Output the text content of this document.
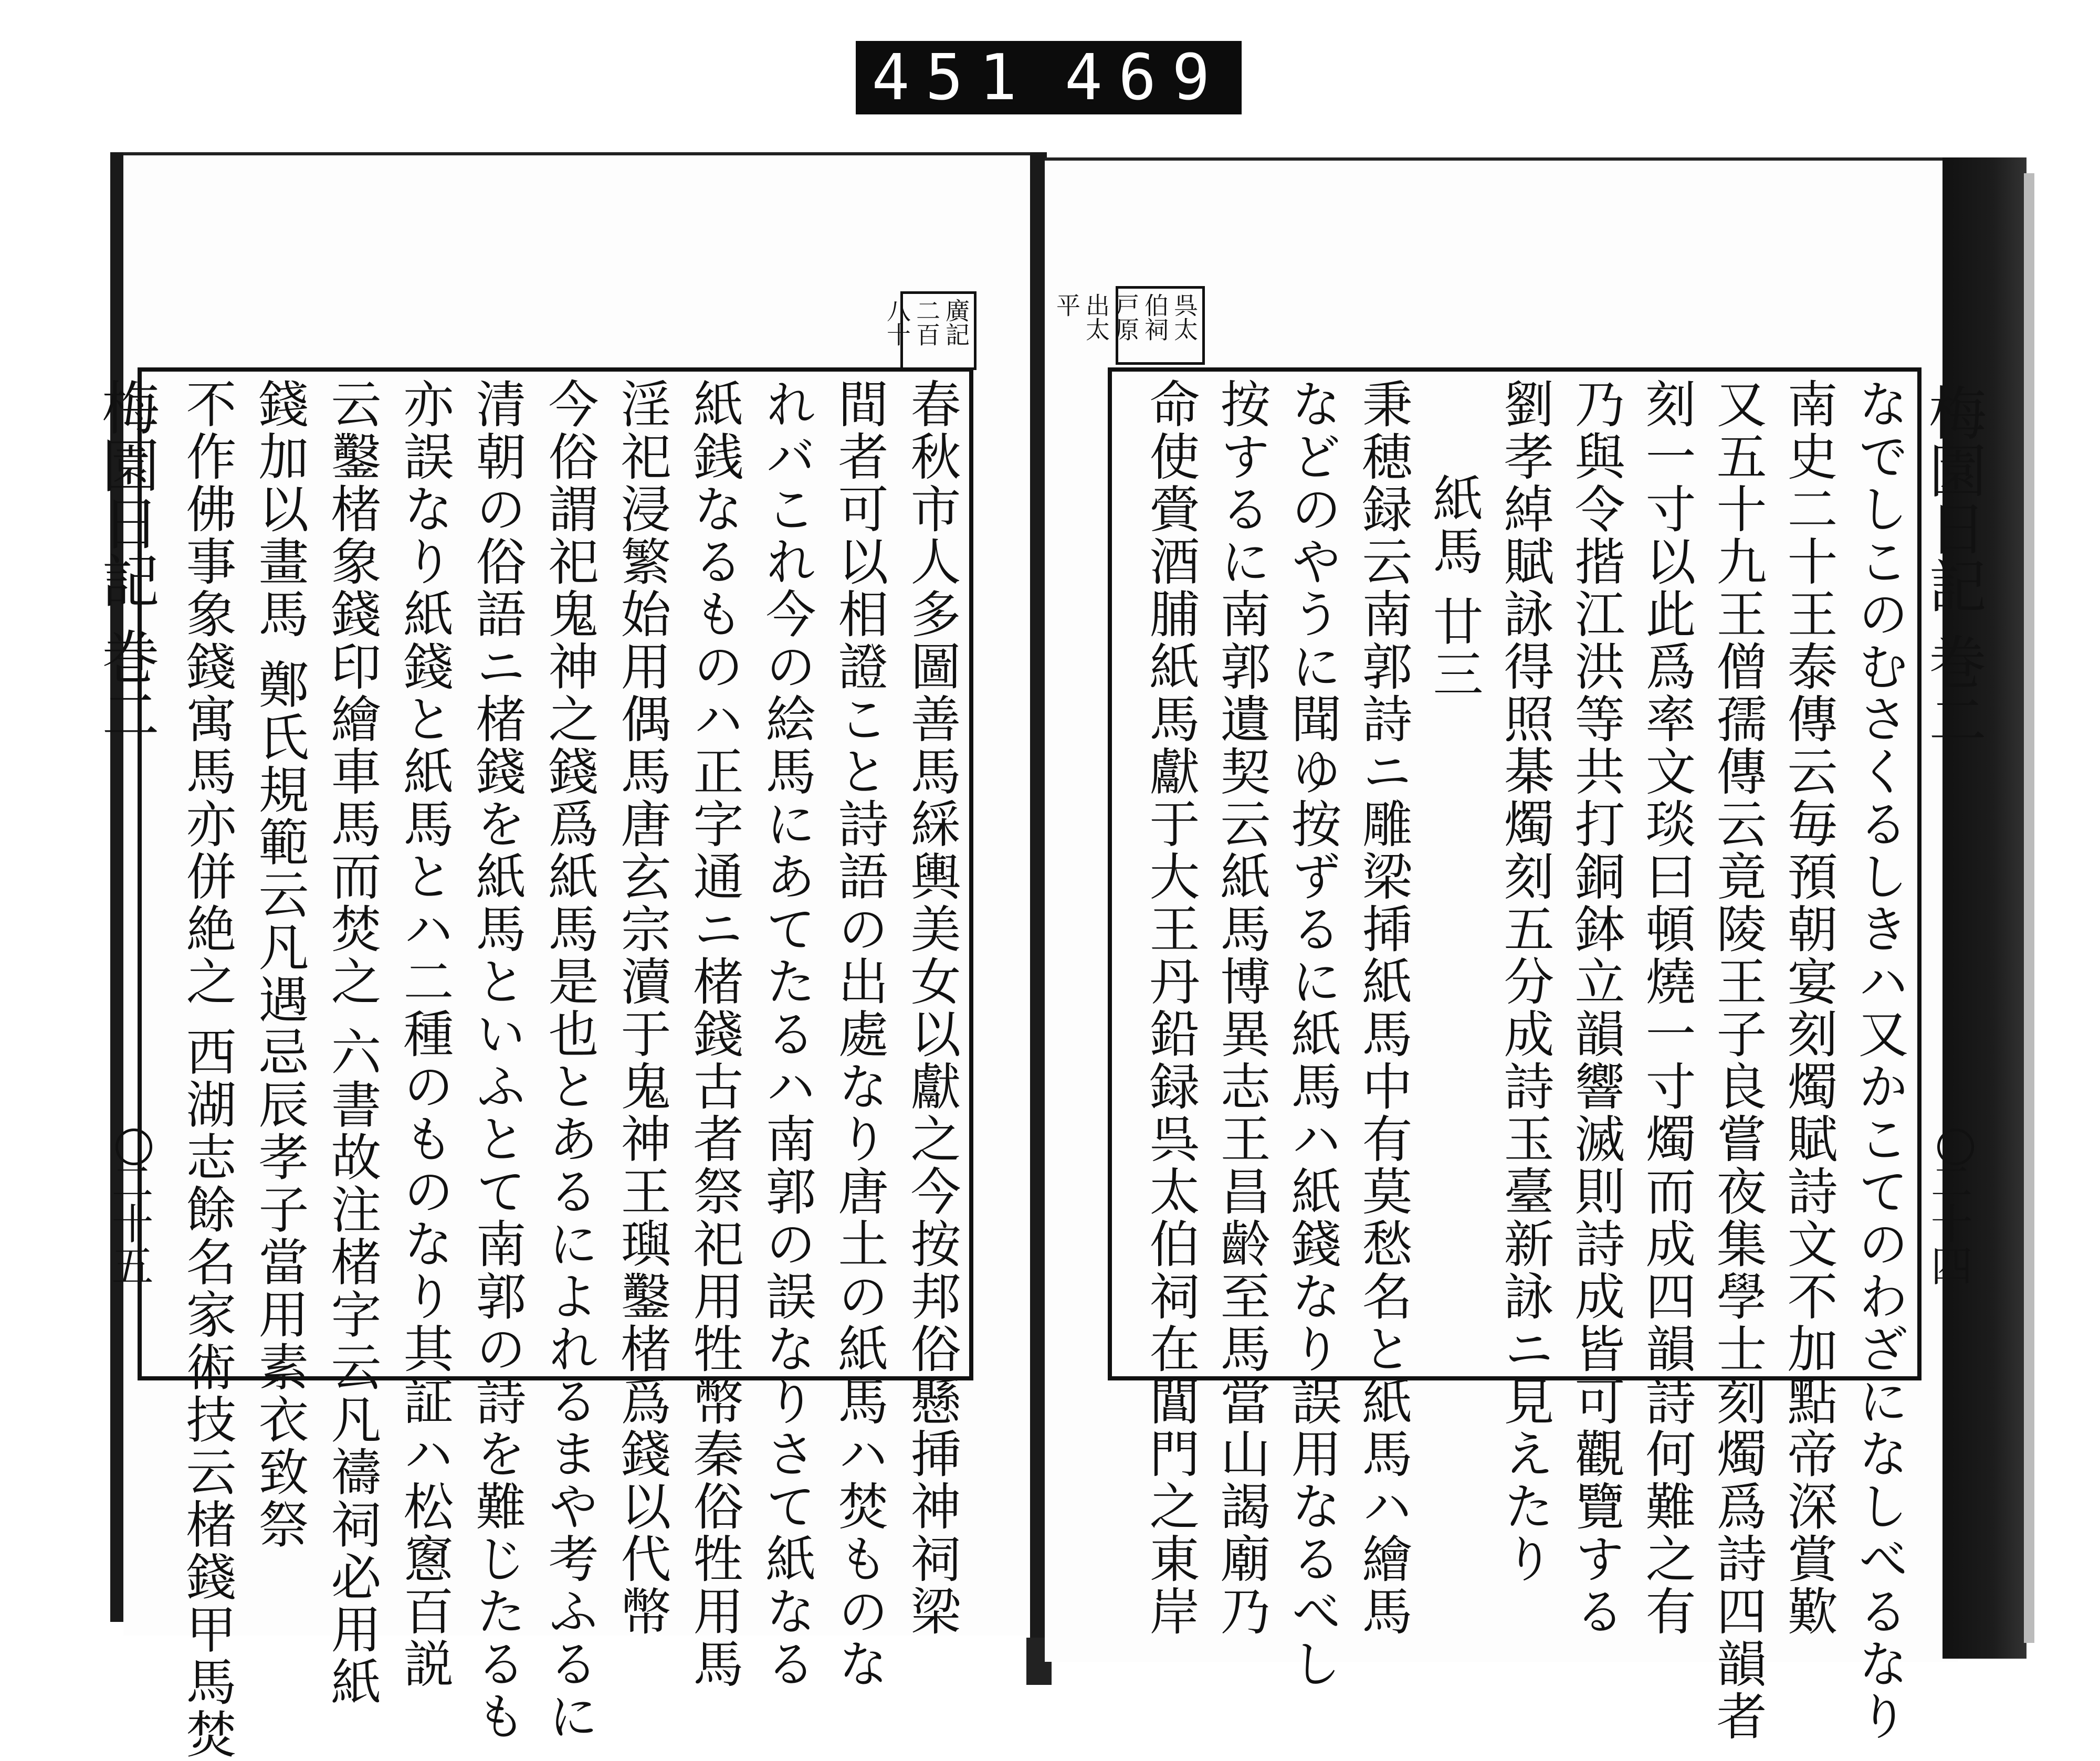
451 469
廣記二百八十	呉太伯祠戸原出太平
梅園日記 巻二
二十五
梅園日記 巻二
二十四
春秋市人多圖善馬綵輿美女以獻之今按邦俗懸挿神祠梁
間者可以相證こと詩語の出處なり唐土の紙馬ハ焚ものな
れバこれ今の絵馬にあてたるハ南郭の誤なりさて紙なる
紙銭なるものハ正字通ニ楮錢古者祭祀用牲幣秦俗牲用馬
淫祀浸繁始用偶馬唐玄宗瀆于鬼神王璵鑿楮爲錢以代幣
今俗謂祀鬼神之錢爲紙馬是也とあるによれるまや考ふるに
清朝の俗語ニ楮錢を紙馬といふとて南郭の詩を難じたるも
亦誤なり紙錢と紙馬とハ二種のものなり其証ハ松窻百説
云鑿楮象錢印繪車馬而焚之 六書故注楮字云凡禱祠必用紙
錢加以畫馬 鄭氏規範云凡遇忌辰孝子當用素衣致祭
不作佛事象錢寓馬亦併絶之 西湖志餘名家術技云楮錢甲馬焚	なでしこのむさくるしきハ又かこてのわざになしべるなり
南史二十王泰傳云毎預朝宴刻燭賦詩文不加點帝深賞歎
又五十九王僧孺傳云竟陵王子良嘗夜集學士刻燭爲詩四韻者
刻一寸以此爲率文琰曰頓燒一寸燭而成四韻詩何難之有
乃與令揩江洪等共打銅鉢立韻響滅則詩成皆可觀覽する
劉孝綽賦詠得照棊燭刻五分成詩玉臺新詠ニ見えたり
紙馬 廿三
秉穂録云南郭詩ニ雕梁揷紙馬中有莫愁名と紙馬ハ繪馬
などのやうに聞ゆ按ずるに紙馬ハ紙錢なり誤用なるべし
按するに南郭遺契云紙馬博異志王昌齡至馬當山謁廟乃
命使賫酒脯紙馬獻于大王丹鉛録呉太伯祠在閶門之東岸
